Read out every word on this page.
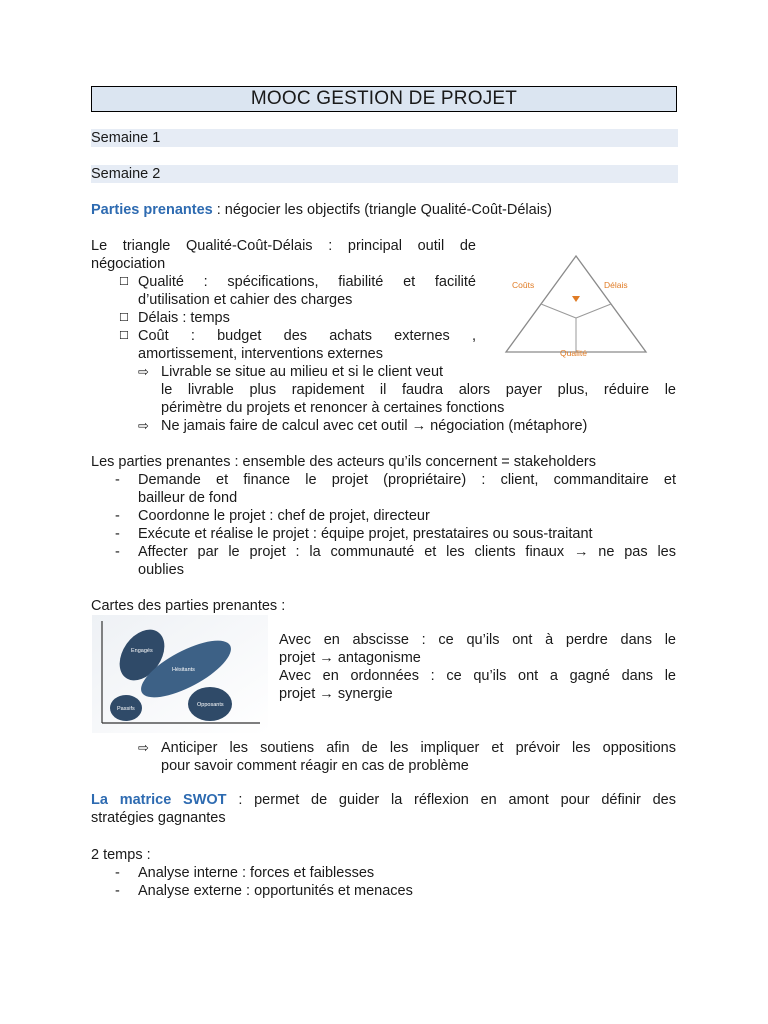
MOOC GESTION DE PROJET
Semaine 1
Semaine 2
Parties prenantes : négocier les objectifs (triangle Qualité-Coût-Délais)
Le triangle Qualité-Coût-Délais : principal outil de
négociation
☐ Qualité : spécifications, fiabilité et facilité
d’utilisation et cahier des charges
☐ Délais : temps
☐ Coût : budget des achats externes ,
amortissement, interventions externes
⇨ Livrable se situe au milieu et si le client veut
le livrable plus rapidement il faudra alors payer plus, réduire le
périmètre du projets et renoncer à certaines fonctions
⇨ Ne jamais faire de calcul avec cet outil → négociation (métaphore)
Coûts	Délais
Qualité
Les parties prenantes : ensemble des acteurs qu’ils concernent = stakeholders
- Demande et finance le projet (propriétaire) : client, commanditaire et
bailleur de fond
- Coordonne le projet : chef de projet, directeur
- Exécute et réalise le projet : équipe projet, prestataires ou sous-traitant
- Affecter par le projet : la communauté et les clients finaux → ne pas les
oublies
Cartes des parties prenantes :
Engagés
Hésitants
Passifs
Opposants
Avec en abscisse : ce qu’ils ont à perdre dans le
projet → antagonisme
Avec en ordonnées : ce qu’ils ont a gagné dans le
projet → synergie
⇨ Anticiper les soutiens afin de les impliquer et prévoir les oppositions
pour savoir comment réagir en cas de problème
La matrice SWOT : permet de guider la réflexion en amont pour définir des
stratégies gagnantes
2 temps :
- Analyse interne : forces et faiblesses
- Analyse externe : opportunités et menaces
